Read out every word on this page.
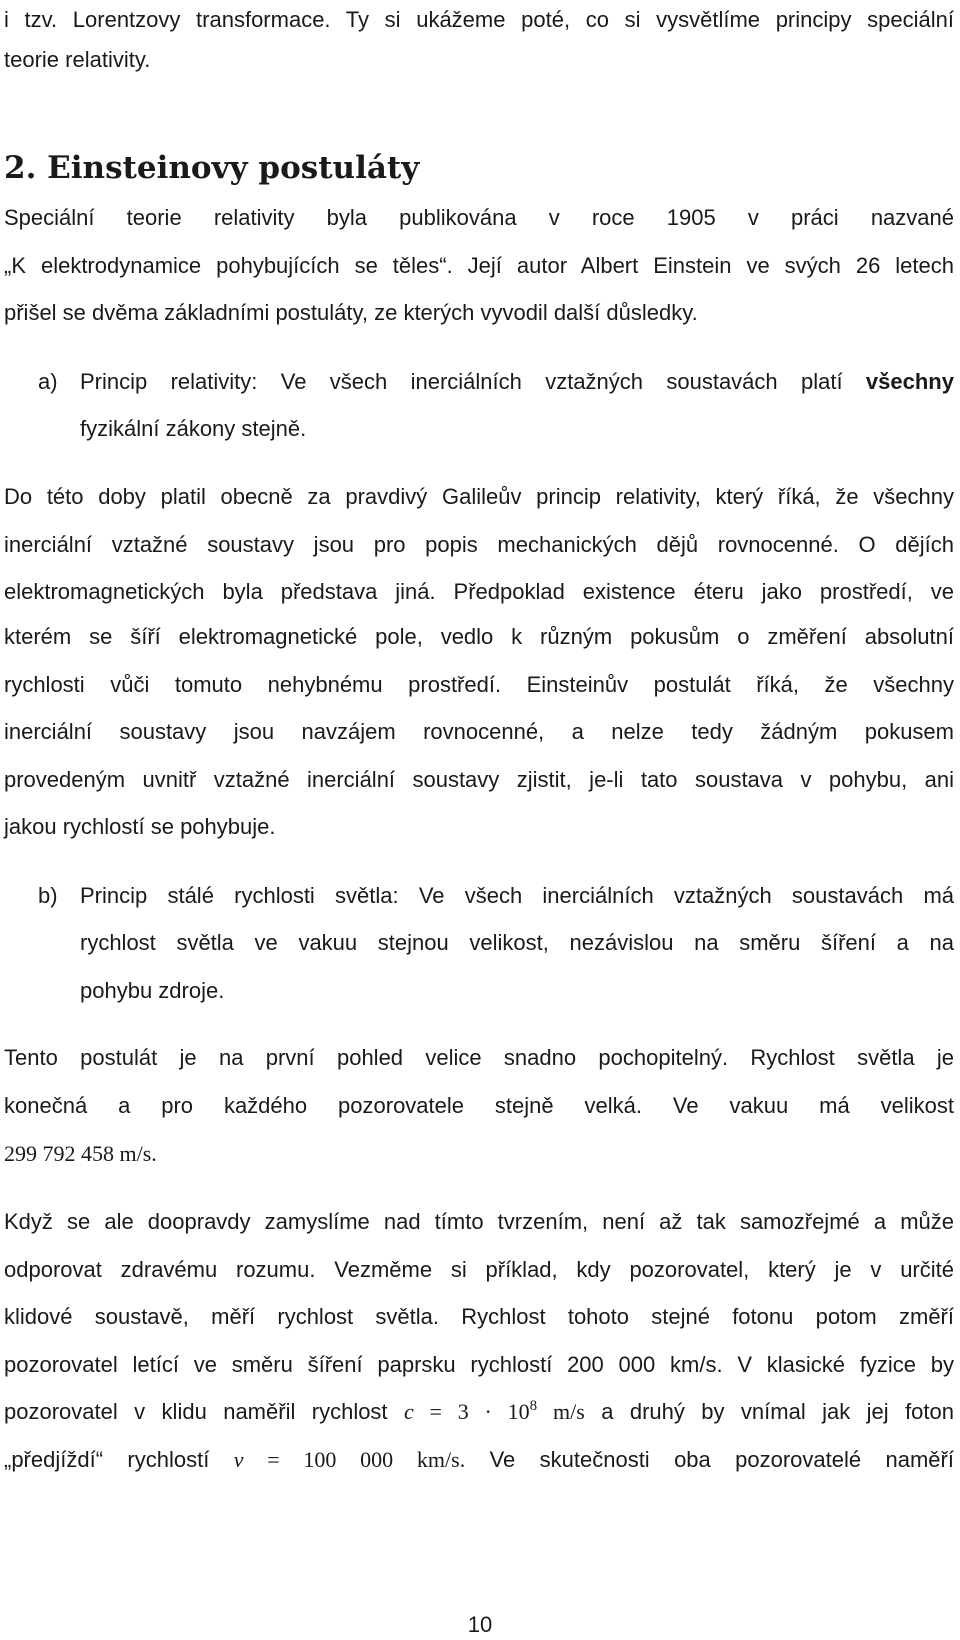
i tzv. Lorentzovy transformace. Ty si ukážeme poté, co si vysvětlíme principy speciální
teorie relativity.
2. Einsteinovy postuláty
Speciální teorie relativity byla publikována v roce 1905 v práci nazvané
„K elektrodynamice pohybujících se těles“. Její autor Albert Einstein ve svých 26 letech
přišel se dvěma základními postuláty, ze kterých vyvodil další důsledky.
a) Princip relativity: Ve všech inerciálních vztažných soustavách platí všechny
fyzikální zákony stejně.
Do této doby platil obecně za pravdivý Galileův princip relativity, který říká, že všechny
inerciální vztažné soustavy jsou pro popis mechanických dějů rovnocenné. O dějích
elektromagnetických byla představa jiná. Předpoklad existence éteru jako prostředí, ve
kterém se šíří elektromagnetické pole, vedlo k různým pokusům o změření absolutní
rychlosti vůči tomuto nehybnému prostředí. Einsteinův postulát říká, že všechny
inerciální soustavy jsou navzájem rovnocenné, a nelze tedy žádným pokusem
provedeným uvnitř vztažné inerciální soustavy zjistit, je-li tato soustava v pohybu, ani
jakou rychlostí se pohybuje.
b) Princip stálé rychlosti světla: Ve všech inerciálních vztažných soustavách má
rychlost světla ve vakuu stejnou velikost, nezávislou na směru šíření a na
pohybu zdroje.
Tento postulát je na první pohled velice snadno pochopitelný. Rychlost světla je
konečná a pro každého pozorovatele stejně velká. Ve vakuu má velikost
299 792 458 m/s.
Když se ale doopravdy zamyslíme nad tímto tvrzením, není až tak samozřejmé a může
odporovat zdravému rozumu. Vezměme si příklad, kdy pozorovatel, který je v určité
klidové soustavě, měří rychlost světla. Rychlost tohoto stejné fotonu potom změří
pozorovatel letící ve směru šíření paprsku rychlostí 200 000 km/s. V klasické fyzice by
pozorovatel v klidu naměřil rychlost $c = 3 \cdot 10^8$ m/s a druhý by vnímal jak jej foton
„předjíždí“ rychlostí v = 100 000 km/s. Ve skutečnosti oba pozorovatelé naměří
10
